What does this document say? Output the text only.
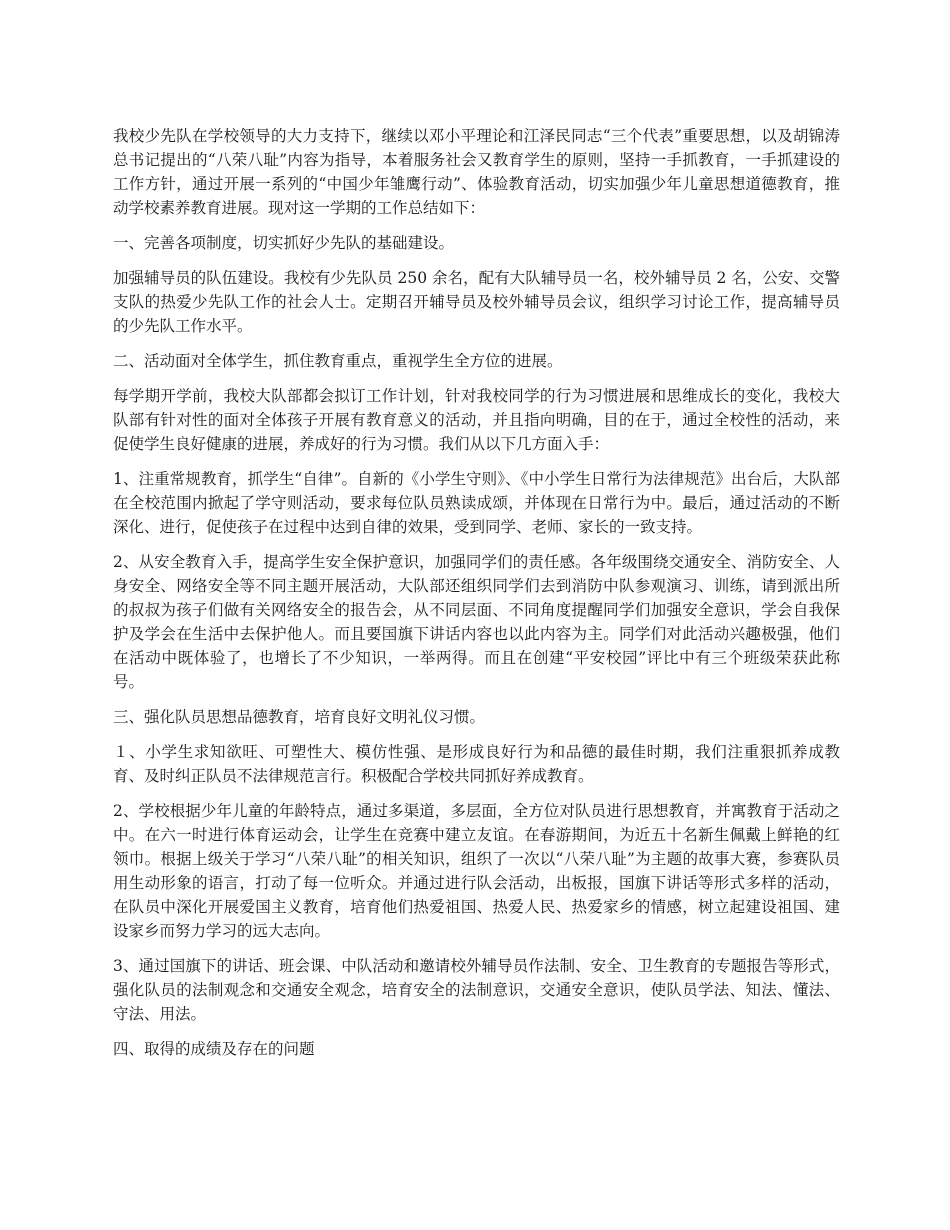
我校少先队在学校领导的大力支持下，继续以邓小平理论和江泽民同志“三个代表”重要思想，以及胡锦涛总书记提出的“八荣八耻”内容为指导，本着服务社会又教育学生的原则，坚持一手抓教育，一手抓建设的工作方针，通过开展一系列的“中国少年雏鹰行动”、体验教育活动，切实加强少年儿童思想道德教育，推动学校素养教育进展。现对这一学期的工作总结如下：

一、完善各项制度，切实抓好少先队的基础建设。

加强辅导员的队伍建设。我校有少先队员 250 余名，配有大队辅导员一名，校外辅导员 2 名，公安、交警支队的热爱少先队工作的社会人士。定期召开辅导员及校外辅导员会议，组织学习讨论工作，提高辅导员的少先队工作水平。

二、活动面对全体学生，抓住教育重点，重视学生全方位的进展。

每学期开学前，我校大队部都会拟订工作计划，针对我校同学的行为习惯进展和思维成长的变化，我校大队部有针对性的面对全体孩子开展有教育意义的活动，并且指向明确，目的在于，通过全校性的活动，来促使学生良好健康的进展，养成好的行为习惯。我们从以下几方面入手：

1、注重常规教育，抓学生“自律”。自新的《小学生守则》、《中小学生日常行为法律规范》出台后，大队部在全校范围内掀起了学守则活动，要求每位队员熟读成颂，并体现在日常行为中。最后，通过活动的不断深化、进行，促使孩子在过程中达到自律的效果，受到同学、老师、家长的一致支持。

2、从安全教育入手，提高学生安全保护意识，加强同学们的责任感。各年级围绕交通安全、消防安全、人身安全、网络安全等不同主题开展活动，大队部还组织同学们去到消防中队参观演习、训练，请到派出所的叔叔为孩子们做有关网络安全的报告会，从不同层面、不同角度提醒同学们加强安全意识，学会自我保护及学会在生活中去保护他人。而且要国旗下讲话内容也以此内容为主。同学们对此活动兴趣极强，他们在活动中既体验了，也增长了不少知识，一举两得。而且在创建“平安校园”评比中有三个班级荣获此称号。

三、强化队员思想品德教育，培育良好文明礼仪习惯。

１、小学生求知欲旺、可塑性大、模仿性强、是形成良好行为和品德的最佳时期，我们注重狠抓养成教育、及时纠正队员不法律规范言行。积极配合学校共同抓好养成教育。

2、学校根据少年儿童的年龄特点，通过多渠道，多层面，全方位对队员进行思想教育，并寓教育于活动之中。在六一时进行体育运动会，让学生在竞赛中建立友谊。在春游期间，为近五十名新生佩戴上鲜艳的红领巾。根据上级关于学习“八荣八耻”的相关知识，组织了一次以“八荣八耻”为主题的故事大赛，参赛队员用生动形象的语言，打动了每一位听众。并通过进行队会活动，出板报，国旗下讲话等形式多样的活动，在队员中深化开展爱国主义教育，培育他们热爱祖国、热爱人民、热爱家乡的情感，树立起建设祖国、建设家乡而努力学习的远大志向。

3、通过国旗下的讲话、班会课、中队活动和邀请校外辅导员作法制、安全、卫生教育的专题报告等形式，强化队员的法制观念和交通安全观念，培育安全的法制意识，交通安全意识，使队员学法、知法、懂法、守法、用法。

四、取得的成绩及存在的问题
